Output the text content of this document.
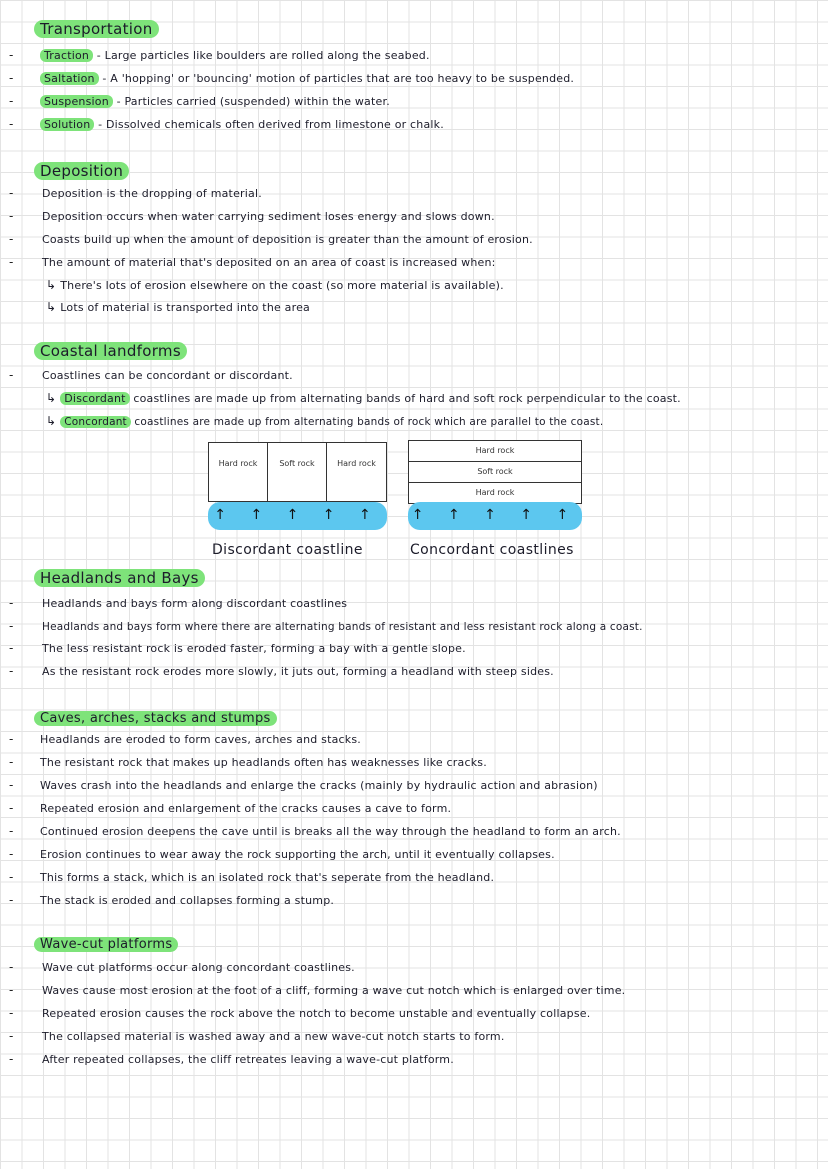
Transportation
-	Traction - Large particles like boulders are rolled along the seabed.
-	Saltation - A 'hopping' or 'bouncing' motion of particles that are too heavy to be suspended.
-	Suspension - Particles carried (suspended) within the water.
-	Solution - Dissolved chemicals often derived from limestone or chalk.
Deposition
-	Deposition is the dropping of material.
-	Deposition occurs when water carrying sediment loses energy and slows down.
-	Coasts build up when the amount of deposition is greater than the amount of erosion.
-	The amount of material that's deposited on an area of coast is increased when:
↳ There's lots of erosion elsewhere on the coast (so more material is available).
↳ Lots of material is transported into the area
Coastal landforms
-	Coastlines can be concordant or discordant.
↳ Discordant coastlines are made up from alternating bands of hard and soft rock perpendicular to the coast.
↳ Concordant coastlines are made up from alternating bands of rock which are parallel to the coast.
Hard rock	Soft rock	Hard rock
↑ ↑ ↑ ↑ ↑
Discordant coastline
Hard rock
Soft rock
Hard rock
↑ ↑ ↑ ↑ ↑
Concordant coastlines
Headlands and Bays
-	Headlands and bays form along discordant coastlines
-	Headlands and bays form where there are alternating bands of resistant and less resistant rock along a coast.
-	The less resistant rock is eroded faster, forming a bay with a gentle slope.
-	As the resistant rock erodes more slowly, it juts out, forming a headland with steep sides.
Caves, arches, stacks and stumps
- Headlands are eroded to form caves, arches and stacks.
- The resistant rock that makes up headlands often has weaknesses like cracks.
- Waves crash into the headlands and enlarge the cracks (mainly by hydraulic action and abrasion)
- Repeated erosion and enlargement of the cracks causes a cave to form.
- Continued erosion deepens the cave until is breaks all the way through the headland to form an arch.
- Erosion continues to wear away the rock supporting the arch, until it eventually collapses.
- This forms a stack, which is an isolated rock that's seperate from the headland.
- The stack is eroded and collapses forming a stump.
Wave-cut platforms
-	Wave cut platforms occur along concordant coastlines.
-	Waves cause most erosion at the foot of a cliff, forming a wave cut notch which is enlarged over time.
-	Repeated erosion causes the rock above the notch to become unstable and eventually collapse.
-	The collapsed material is washed away and a new wave-cut notch starts to form.
-	After repeated collapses, the cliff retreates leaving a wave-cut platform.
